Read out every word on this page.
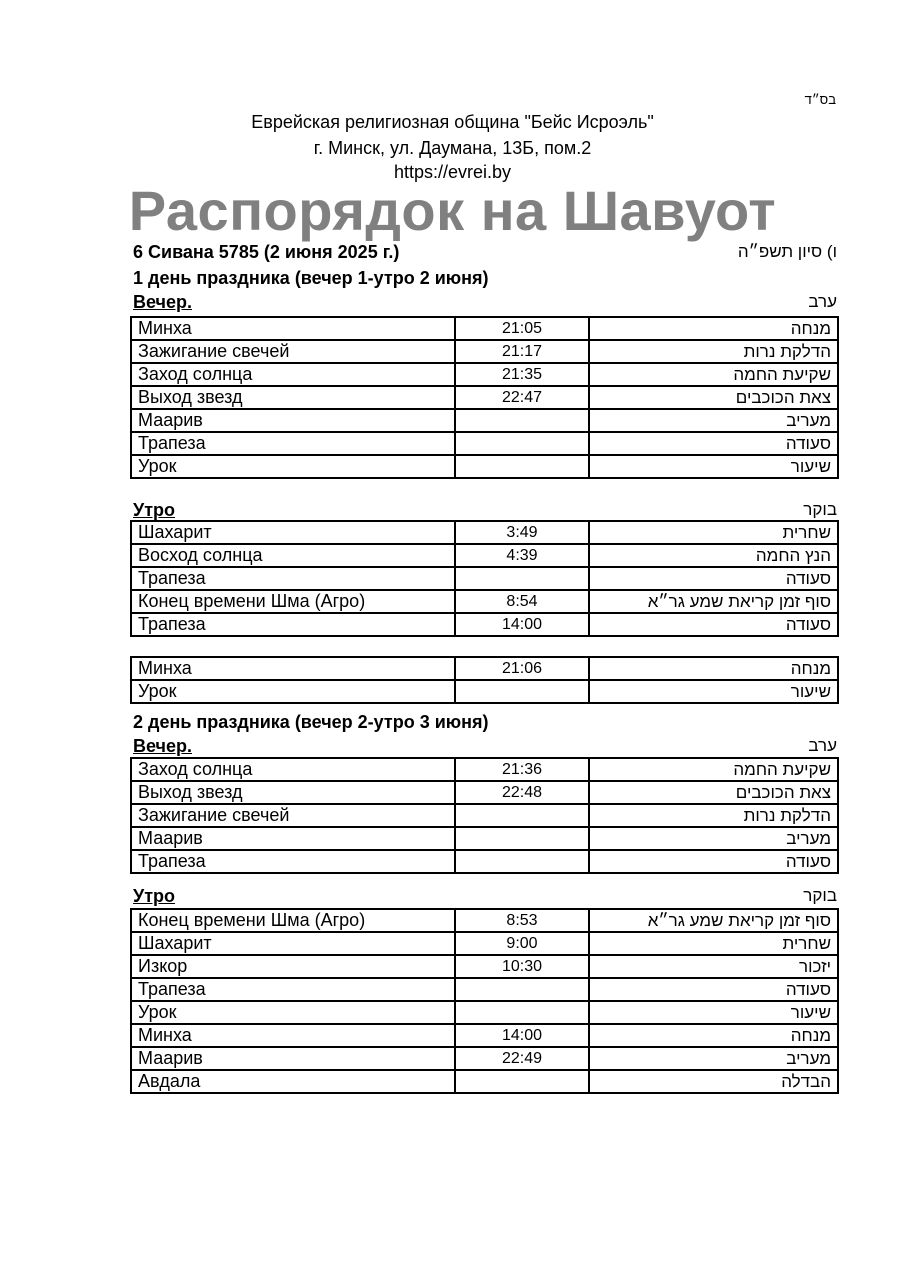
בס״ד
Еврейская религиозная община "Бейс Исроэль"
г. Минск, ул. Даумана, 13Б, пом.2
https://evrei.by
Распорядок на Шавуот
6 Сивана 5785 (2 июня 2025 г.)	ו) סיון תשפ״ה
1 день праздника (вечер 1-утро 2 июня)
Вечер.	ערב
Минха	21:05	מנחה
Зажигание свечей	21:17	הדלקת נרות
Заход солнца	21:35	שקיעת החמה
Выход звезд	22:47	צאת הכוכבים
Маарив		מעריב
Трапеза		סעודה
Урок		שיעור
Утро	בוקר
Шахарит	3:49	שחרית
Восход солнца	4:39	הנץ החמה
Трапеза		סעודה
Конец времени Шма (Агро)	8:54	סוף זמן קריאת שמע גר״א
Трапеза	14:00	סעודה
Минха	21:06	מנחה
Урок		שיעור
2 день праздника (вечер 2-утро 3 июня)
Вечер.	ערב
Заход солнца	21:36	שקיעת החמה
Выход звезд	22:48	צאת הכוכבים
Зажигание свечей		הדלקת נרות
Маарив		מעריב
Трапеза		סעודה
Утро	בוקר
Конец времени Шма (Агро)	8:53	סוף זמן קריאת שמע גר״א
Шахарит	9:00	שחרית
Изкор	10:30	יזכור
Трапеза		סעודה
Урок		שיעור
Минха	14:00	מנחה
Маарив	22:49	מעריב
Авдала		הבדלה
